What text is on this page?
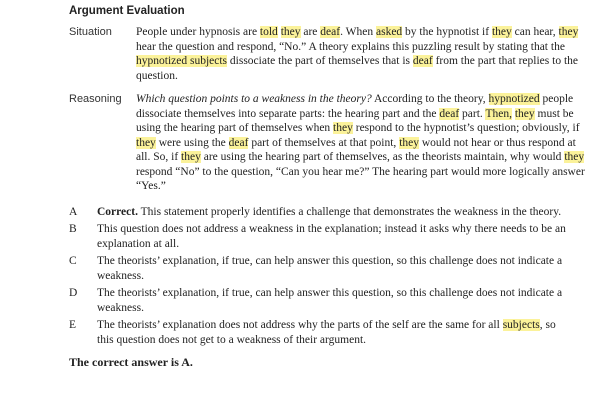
Argument Evaluation
Situation	People under hypnosis are told they are deaf. When asked by the hypnotist if they can hear, they hear the question and respond, “No.” A theory explains this puzzling result by stating that the hypnotized subjects dissociate the part of themselves that is deaf from the part that replies to the question.
Reasoning	Which question points to a weakness in the theory? According to the theory, hypnotized people dissociate themselves into separate parts: the hearing part and the deaf part. Then, they must be using the hearing part of themselves when they respond to the hypnotist’s question; obviously, if they were using the deaf part of themselves at that point, they would not hear or thus respond at all. So, if they are using the hearing part of themselves, as the theorists maintain, why would they respond “No” to the question, “Can you hear me?” The hearing part would more logically answer “Yes.”
A	Correct. This statement properly identifies a challenge that demonstrates the weakness in the theory.
B	This question does not address a weakness in the explanation; instead it asks why there needs to be an explanation at all.
C	The theorists’ explanation, if true, can help answer this question, so this challenge does not indicate a weakness.
D	The theorists’ explanation, if true, can help answer this question, so this challenge does not indicate a weakness.
E	The theorists’ explanation does not address why the parts of the self are the same for all subjects, so this question does not get to a weakness of their argument.
The correct answer is A.
